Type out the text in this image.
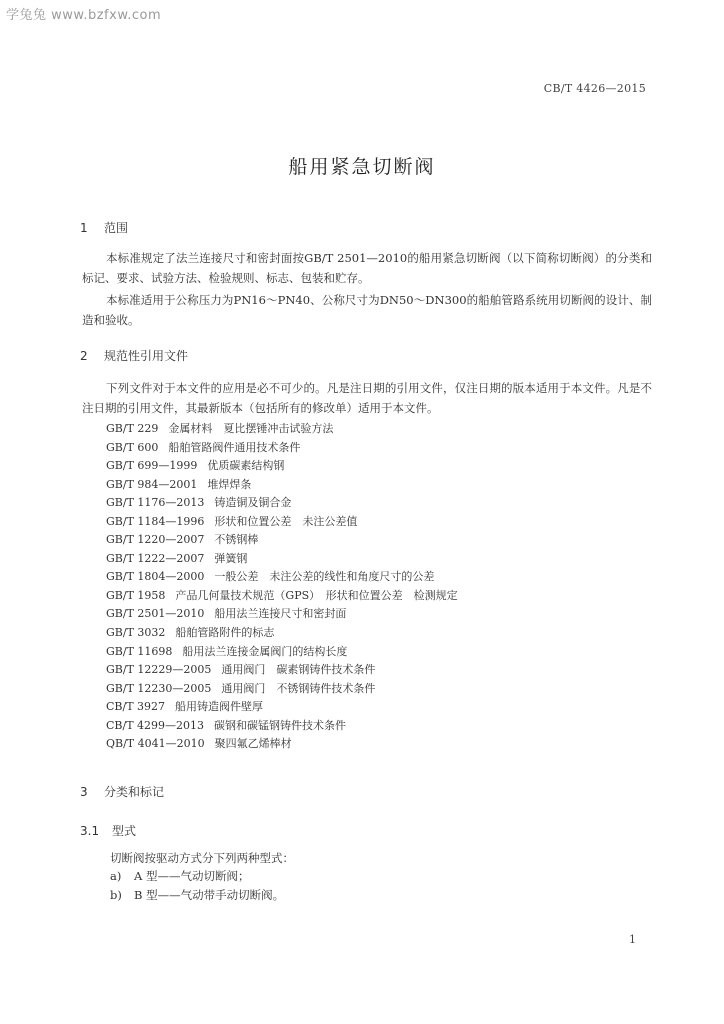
学兔兔 www.bzfxw.com
CB/T 4426—2015
船用紧急切断阀
1 范围
本标准规定了法兰连接尺寸和密封面按GB/T 2501—2010的船用紧急切断阀（以下简称切断阀）的分类和标记、要求、试验方法、检验规则、标志、包装和贮存。
本标准适用于公称压力为PN16～PN40、公称尺寸为DN50～DN300的船舶管路系统用切断阀的设计、制造和验收。
2 规范性引用文件
下列文件对于本文件的应用是必不可少的。凡是注日期的引用文件，仅注日期的版本适用于本文件。凡是不注日期的引用文件，其最新版本（包括所有的修改单）适用于本文件。
GB/T 229 金属材料　夏比摆锤冲击试验方法
GB/T 600 船舶管路阀件通用技术条件
GB/T 699—1999 优质碳素结构钢
GB/T 984—2001 堆焊焊条
GB/T 1176—2013 铸造铜及铜合金
GB/T 1184—1996 形状和位置公差　未注公差值
GB/T 1220—2007 不锈钢棒
GB/T 1222—2007 弹簧钢
GB/T 1804—2000 一般公差　未注公差的线性和角度尺寸的公差
GB/T 1958 产品几何量技术规范（GPS）　形状和位置公差　检测规定
GB/T 2501—2010 船用法兰连接尺寸和密封面
GB/T 3032 船舶管路附件的标志
GB/T 11698 船用法兰连接金属阀门的结构长度
GB/T 12229—2005 通用阀门　碳素钢铸件技术条件
GB/T 12230—2005 通用阀门　不锈钢铸件技术条件
CB/T 3927 船用铸造阀件壁厚
CB/T 4299—2013 碳钢和碳锰钢铸件技术条件
QB/T 4041—2010 聚四氟乙烯棒材
3 分类和标记
3.1 型式
切断阀按驱动方式分下列两种型式：
a) A 型——气动切断阀；
b) B 型——气动带手动切断阀。
1
